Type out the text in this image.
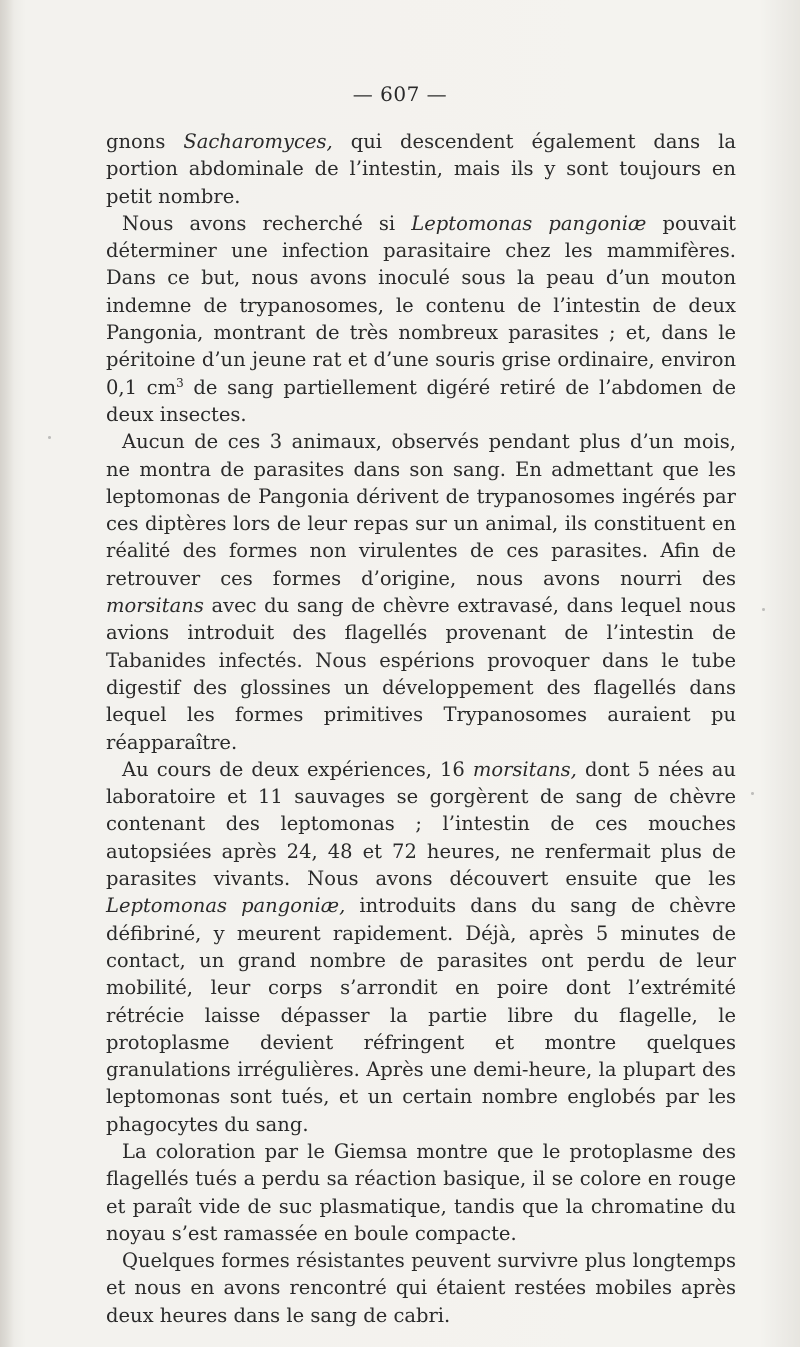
— 607 —

gnons Sacharomyces, qui descendent également dans la portion abdominale de l’intestin, mais ils y sont toujours en petit nombre.

Nous avons recherché si Leptomonas pangoniæ pouvait déterminer une infection parasitaire chez les mammifères. Dans ce but, nous avons inoculé sous la peau d’un mouton indemne de trypanosomes, le contenu de l’intestin de deux Pangonia, montrant de très nombreux parasites ; et, dans le péritoine d’un jeune rat et d’une souris grise ordinaire, environ 0,1 $cm^3$ de sang partiellement digéré retiré de l’abdomen de deux insectes.

Aucun de ces 3 animaux, observés pendant plus d’un mois, ne montra de parasites dans son sang. En admettant que les leptomonas de Pangonia dérivent de trypanosomes ingérés par ces diptères lors de leur repas sur un animal, ils constituent en réalité des formes non virulentes de ces parasites. Afin de retrouver ces formes d’origine, nous avons nourri des morsitans avec du sang de chèvre extravasé, dans lequel nous avions introduit des flagellés provenant de l’intestin de Tabanides infectés. Nous espérions provoquer dans le tube digestif des glossines un développement des flagellés dans lequel les formes primitives Trypanosomes auraient pu réapparaître.

Au cours de deux expériences, 16 morsitans, dont 5 nées au laboratoire et 11 sauvages se gorgèrent de sang de chèvre contenant des leptomonas ; l’intestin de ces mouches autopsiées après 24, 48 et 72 heures, ne renfermait plus de parasites vivants. Nous avons découvert ensuite que les Leptomonas pangoniæ, introduits dans du sang de chèvre défibriné, y meurent rapidement. Déjà, après 5 minutes de contact, un grand nombre de parasites ont perdu de leur mobilité, leur corps s’arrondit en poire dont l’extrémité rétrécie laisse dépasser la partie libre du flagelle, le protoplasme devient réfringent et montre quelques granulations irrégulières. Après une demi-heure, la plupart des leptomonas sont tués, et un certain nombre englobés par les phagocytes du sang.

La coloration par le Giemsa montre que le protoplasme des flagellés tués a perdu sa réaction basique, il se colore en rouge et paraît vide de suc plasmatique, tandis que la chromatine du noyau s’est ramassée en boule compacte.

Quelques formes résistantes peuvent survivre plus longtemps et nous en avons rencontré qui étaient restées mobiles après deux heures dans le sang de cabri.
